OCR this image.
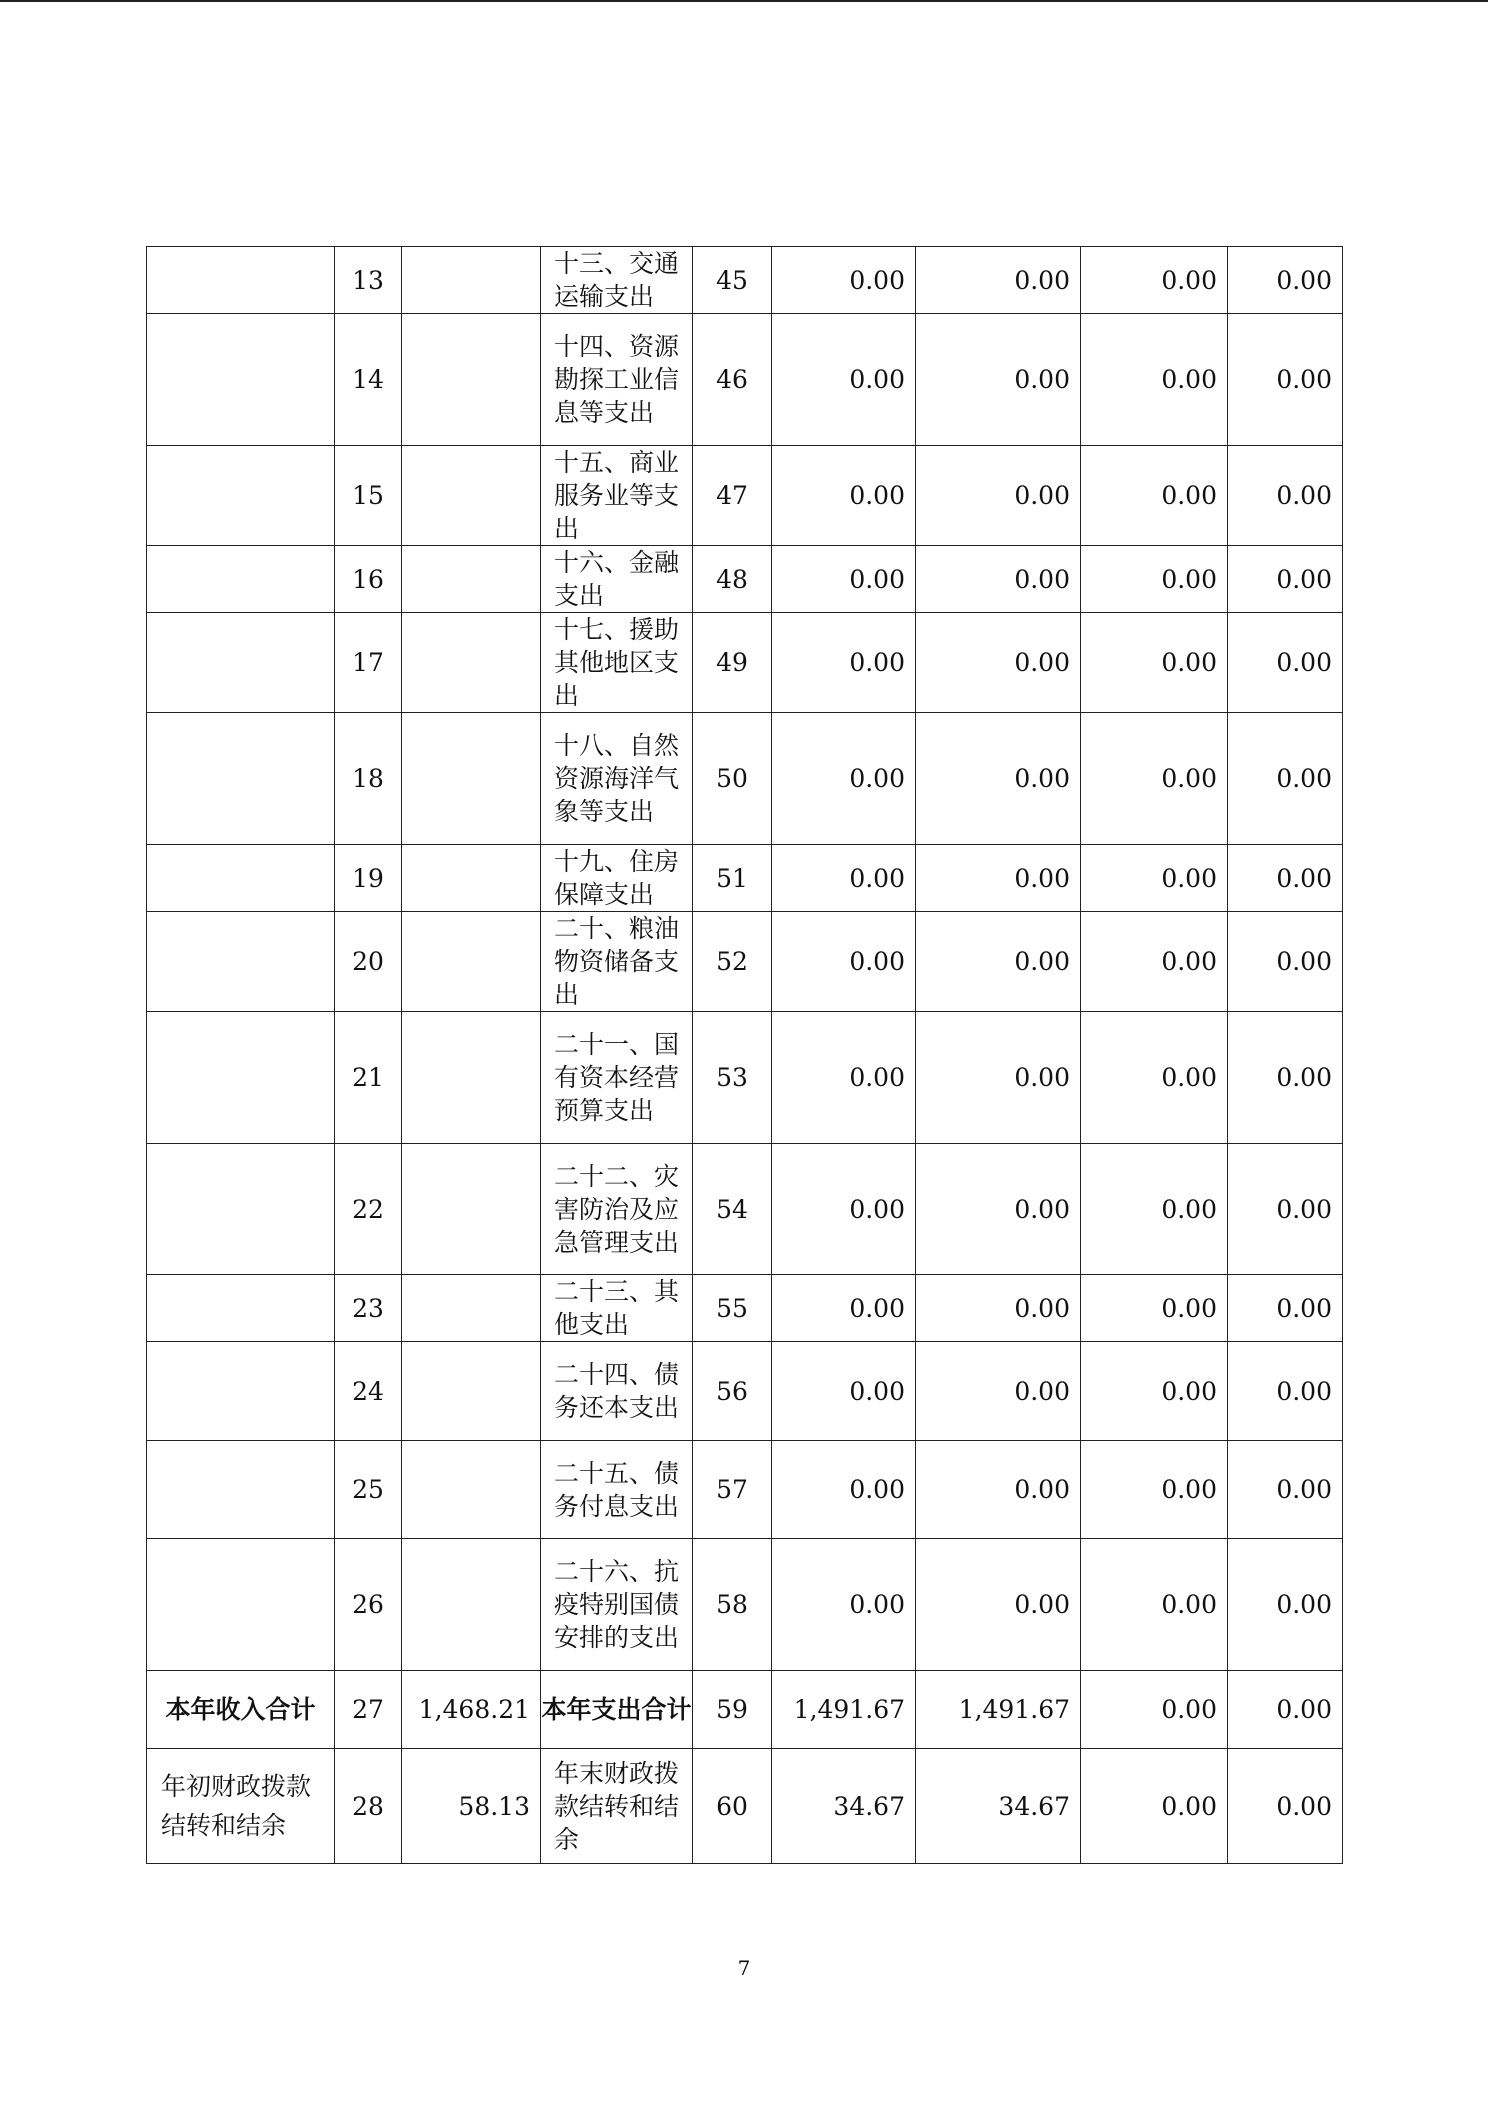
	13		十三、交通运输支出	45	0.00	0.00	0.00	0.00
	14		十四、资源勘探工业信息等支出	46	0.00	0.00	0.00	0.00
	15		十五、商业服务业等支出	47	0.00	0.00	0.00	0.00
	16		十六、金融支出	48	0.00	0.00	0.00	0.00
	17		十七、援助其他地区支出	49	0.00	0.00	0.00	0.00
	18		十八、自然资源海洋气象等支出	50	0.00	0.00	0.00	0.00
	19		十九、住房保障支出	51	0.00	0.00	0.00	0.00
	20		二十、粮油物资储备支出	52	0.00	0.00	0.00	0.00
	21		二十一、国有资本经营预算支出	53	0.00	0.00	0.00	0.00
	22		二十二、灾害防治及应急管理支出	54	0.00	0.00	0.00	0.00
	23		二十三、其他支出	55	0.00	0.00	0.00	0.00
	24		二十四、债务还本支出	56	0.00	0.00	0.00	0.00
	25		二十五、债务付息支出	57	0.00	0.00	0.00	0.00
	26		二十六、抗疫特别国债安排的支出	58	0.00	0.00	0.00	0.00
本年收入合计	27	1,468.21	本年支出合计	59	1,491.67	1,491.67	0.00	0.00
年初财政拨款结转和结余	28	58.13	年末财政拨款结转和结余	60	34.67	34.67	0.00	0.00
7
